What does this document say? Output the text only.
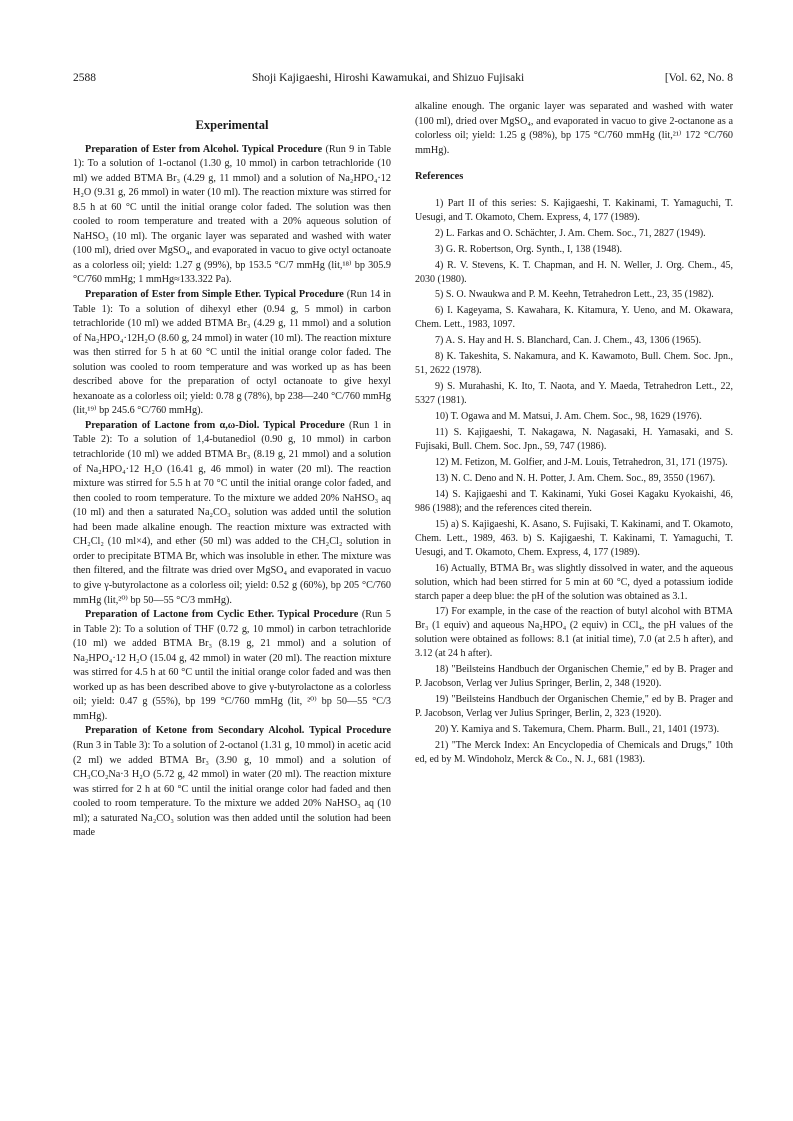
2588	Shoji Kajigaeshi, Hiroshi Kawamukai, and Shizuo Fujisaki	[Vol. 62, No. 8
Experimental

Preparation of Ester from Alcohol. Typical Procedure (Run 9 in Table 1): To a solution of 1-octanol (1.30 g, 10 mmol) in carbon tetrachloride (10 ml) we added BTMA Br₃ (4.29 g, 11 mmol) and a solution of Na₂HPO₄·12 H₂O (9.31 g, 26 mmol) in water (10 ml). The reaction mixture was stirred for 8.5 h at 60 °C until the initial orange color faded. The solution was then cooled to room temperature and treated with a 20% aqueous solution of NaHSO₃ (10 ml). The organic layer was separated and washed with water (100 ml), dried over MgSO₄, and evaporated in vacuo to give octyl octanoate as a colorless oil; yield: 1.27 g (99%), bp 153.5 °C/7 mmHg (lit,¹⁸⁾ bp 305.9 °C/760 mmHg; 1 mmHg≈133.322 Pa).

Preparation of Ester from Simple Ether. Typical Procedure (Run 14 in Table 1): To a solution of dihexyl ether (0.94 g, 5 mmol) in carbon tetrachloride (10 ml) we added BTMA Br₃ (4.29 g, 11 mmol) and a solution of Na₂HPO₄·12H₂O (8.60 g, 24 mmol) in water (10 ml). The reaction mixture was then stirred for 5 h at 60 °C until the initial orange color faded. The solution was cooled to room temperature and was worked up as has been described above for the preparation of octyl octanoate to give hexyl hexanoate as a colorless oil; yield: 0.78 g (78%), bp 238—240 °C/760 mmHg (lit,¹⁹⁾ bp 245.6 °C/760 mmHg).

Preparation of Lactone from α,ω-Diol. Typical Procedure (Run 1 in Table 2): To a solution of 1,4-butanediol (0.90 g, 10 mmol) in carbon tetrachloride (10 ml) we added BTMA Br₃ (8.19 g, 21 mmol) and a solution of Na₂HPO₄·12 H₂O (16.41 g, 46 mmol) in water (20 ml). The reaction mixture was stirred for 5.5 h at 70 °C until the initial orange color faded, and then cooled to room temperature. To the mixture we added 20% NaHSO₃ aq (10 ml) and then a saturated Na₂CO₃ solution was added until the solution had been made alkaline enough. The reaction mixture was extracted with CH₂Cl₂ (10 ml×4), and ether (50 ml) was added to the CH₂Cl₂ solution in order to precipitate BTMA Br, which was insoluble in ether. The mixture was then filtered, and the filtrate was dried over MgSO₄ and evaporated in vacuo to give γ-butyrolactone as a colorless oil; yield: 0.52 g (60%), bp 205 °C/760 mmHg (lit,²⁰⁾ bp 50—55 °C/3 mmHg).

Preparation of Lactone from Cyclic Ether. Typical Procedure (Run 5 in Table 2): To a solution of THF (0.72 g, 10 mmol) in carbon tetrachloride (10 ml) we added BTMA Br₃ (8.19 g, 21 mmol) and a solution of Na₂HPO₄·12 H₂O (15.04 g, 42 mmol) in water (20 ml). The reaction mixture was stirred for 4.5 h at 60 °C until the initial orange color faded and was then worked up as has been described above to give γ-butyrolactone as a colorless oil; yield: 0.47 g (55%), bp 199 °C/760 mmHg (lit, ²⁰⁾ bp 50—55 °C/3 mmHg).

Preparation of Ketone from Secondary Alcohol. Typical Procedure (Run 3 in Table 3): To a solution of 2-octanol (1.31 g, 10 mmol) in acetic acid (2 ml) we added BTMA Br₃ (3.90 g, 10 mmol) and a solution of CH₃CO₂Na·3 H₂O (5.72 g, 42 mmol) in water (20 ml). The reaction mixture was stirred for 2 h at 60 °C until the initial orange color had faded and then cooled to room temperature. To the mixture we added 20% NaHSO₃ aq (10 ml); a saturated Na₂CO₃ solution was then added until the solution had been made

alkaline enough. The organic layer was separated and washed with water (100 ml), dried over MgSO₄, and evaporated in vacuo to give 2-octanone as a colorless oil; yield: 1.25 g (98%), bp 175 °C/760 mmHg (lit,²¹⁾ 172 °C/760 mmHg).

References

1) Part II of this series: S. Kajigaeshi, T. Kakinami, T. Yamaguchi, T. Uesugi, and T. Okamoto, Chem. Express, 4, 177 (1989).

2) L. Farkas and O. Schächter, J. Am. Chem. Soc., 71, 2827 (1949).

3) G. R. Robertson, Org. Synth., I, 138 (1948).

4) R. V. Stevens, K. T. Chapman, and H. N. Weller, J. Org. Chem., 45, 2030 (1980).

5) S. O. Nwaukwa and P. M. Keehn, Tetrahedron Lett., 23, 35 (1982).

6) I. Kageyama, S. Kawahara, K. Kitamura, Y. Ueno, and M. Okawara, Chem. Lett., 1983, 1097.

7) A. S. Hay and H. S. Blanchard, Can. J. Chem., 43, 1306 (1965).

8) K. Takeshita, S. Nakamura, and K. Kawamoto, Bull. Chem. Soc. Jpn., 51, 2622 (1978).

9) S. Murahashi, K. Ito, T. Naota, and Y. Maeda, Tetrahedron Lett., 22, 5327 (1981).

10) T. Ogawa and M. Matsui, J. Am. Chem. Soc., 98, 1629 (1976).

11) S. Kajigaeshi, T. Nakagawa, N. Nagasaki, H. Yamasaki, and S. Fujisaki, Bull. Chem. Soc. Jpn., 59, 747 (1986).

12) M. Fetizon, M. Golfier, and J-M. Louis, Tetrahedron, 31, 171 (1975).

13) N. C. Deno and N. H. Potter, J. Am. Chem. Soc., 89, 3550 (1967).

14) S. Kajigaeshi and T. Kakinami, Yuki Gosei Kagaku Kyokaishi, 46, 986 (1988); and the references cited therein.

15) a) S. Kajigaeshi, K. Asano, S. Fujisaki, T. Kakinami, and T. Okamoto, Chem. Lett., 1989, 463. b) S. Kajigaeshi, T. Kakinami, T. Yamaguchi, T. Uesugi, and T. Okamoto, Chem. Express, 4, 177 (1989).

16) Actually, BTMA Br₃ was slightly dissolved in water, and the aqueous solution, which had been stirred for 5 min at 60 °C, dyed a potassium iodide starch paper a deep blue: the pH of the solution was obtained as 3.1.

17) For example, in the case of the reaction of butyl alcohol with BTMA Br₃ (1 equiv) and aqueous Na₂HPO₄ (2 equiv) in CCl₄, the pH values of the solution were obtained as follows: 8.1 (at initial time), 7.0 (at 2.5 h after), and 3.12 (at 24 h after).

18) "Beilsteins Handbuch der Organischen Chemie," ed by B. Prager and P. Jacobson, Verlag ver Julius Springer, Berlin, 2, 348 (1920).

19) "Beilsteins Handbuch der Organischen Chemie," ed by B. Prager and P. Jacobson, Verlag ver Julius Springer, Berlin, 2, 323 (1920).

20) Y. Kamiya and S. Takemura, Chem. Pharm. Bull., 21, 1401 (1973).

21) "The Merck Index: An Encyclopedia of Chemicals and Drugs," 10th ed, ed by M. Windoholz, Merck & Co., N. J., 681 (1983).
